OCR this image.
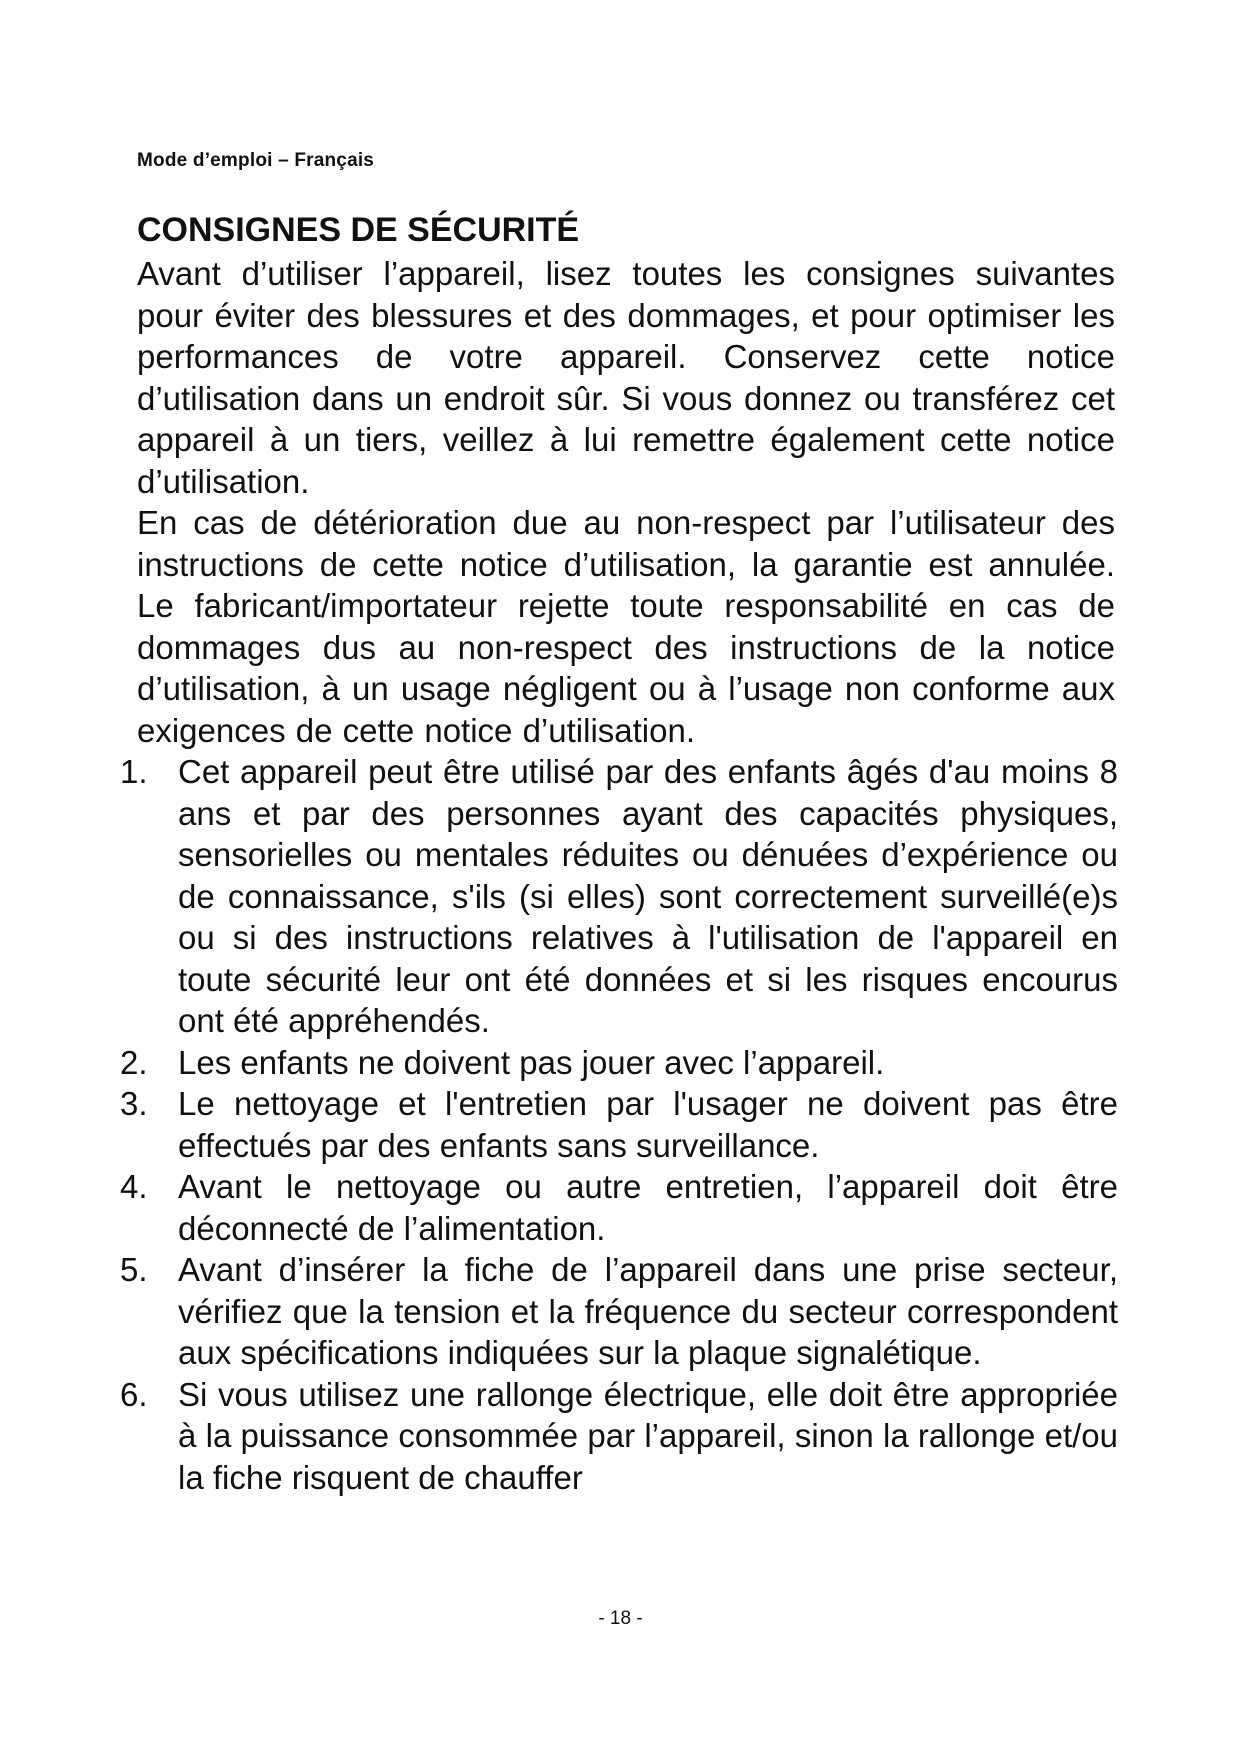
Mode d’emploi – Français
CONSIGNES DE SÉCURITÉ

Avant d’utiliser l’appareil, lisez toutes les consignes suivantes pour éviter des blessures et des dommages, et pour optimiser les performances de votre appareil. Conservez cette notice d’utilisation dans un endroit sûr. Si vous donnez ou transférez cet appareil à un tiers, veillez à lui remettre également cette notice d’utilisation.

En cas de détérioration due au non-respect par l’utilisateur des instructions de cette notice d’utilisation, la garantie est annulée. Le fabricant/importateur rejette toute responsabilité en cas de dommages dus au non-respect des instructions de la notice d’utilisation, à un usage négligent ou à l’usage non conforme aux exigences de cette notice d’utilisation.

1. Cet appareil peut être utilisé par des enfants âgés d'au moins 8 ans et par des personnes ayant des capacités physiques, sensorielles ou mentales réduites ou dénuées d’expérience ou de connaissance, s'ils (si elles) sont correctement surveillé(e)s ou si des instructions relatives à l'utilisation de l'appareil en toute sécurité leur ont été données et si les risques encourus ont été appréhendés.
2. Les enfants ne doivent pas jouer avec l’appareil.
3. Le nettoyage et l'entretien par l'usager ne doivent pas être effectués par des enfants sans surveillance.
4. Avant le nettoyage ou autre entretien, l’appareil doit être déconnecté de l’alimentation.
5. Avant d’insérer la fiche de l’appareil dans une prise secteur, vérifiez que la tension et la fréquence du secteur correspondent aux spécifications indiquées sur la plaque signalétique.
6. Si vous utilisez une rallonge électrique, elle doit être appropriée à la puissance consommée par l’appareil, sinon la rallonge et/ou la fiche risquent de chauffer
- 18 -
